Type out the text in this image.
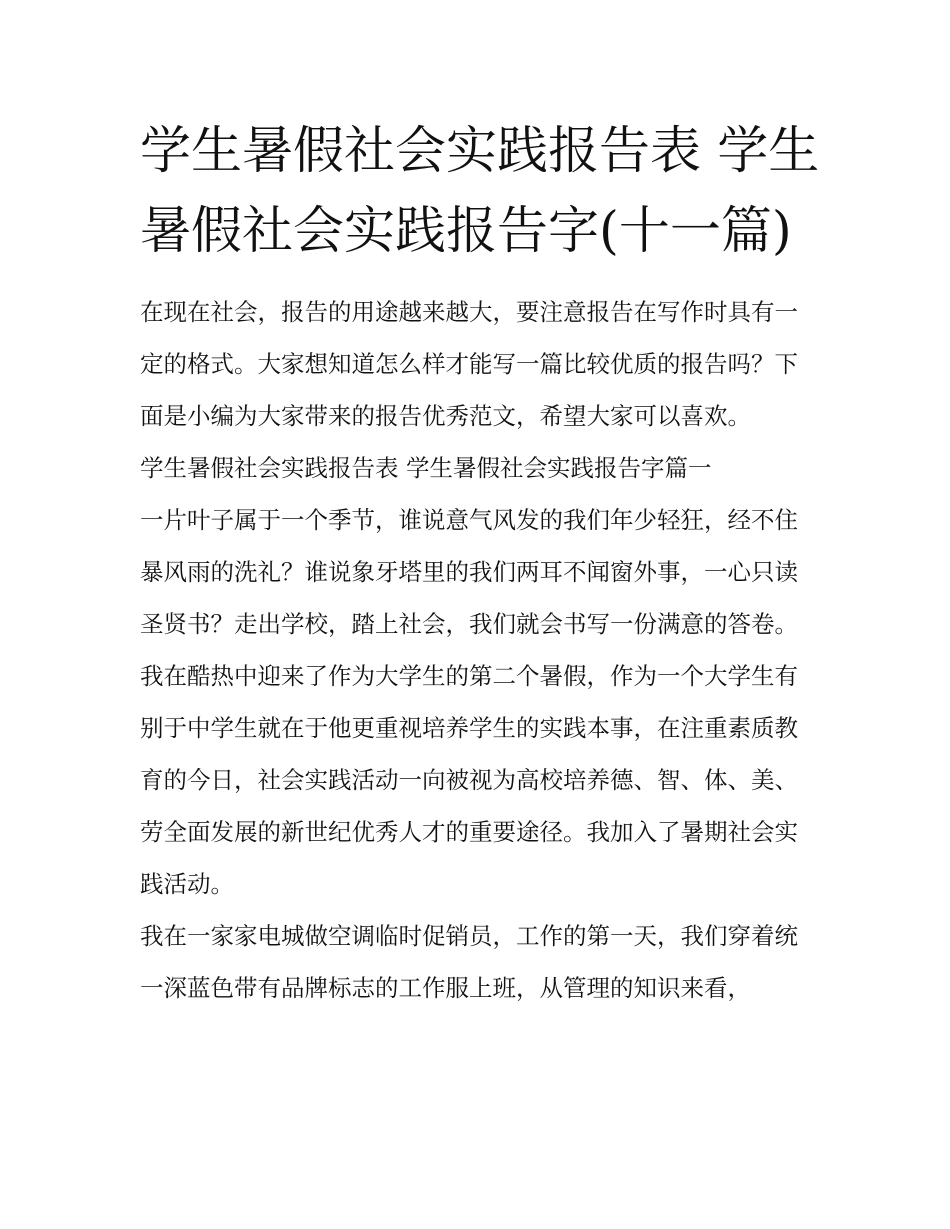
学生暑假社会实践报告表 学生
暑假社会实践报告字(十一篇)

在现在社会，报告的用途越来越大，要注意报告在写作时具有一定的格式。大家想知道怎么样才能写一篇比较优质的报告吗？下面是小编为大家带来的报告优秀范文，希望大家可以喜欢。

学生暑假社会实践报告表 学生暑假社会实践报告字篇一

一片叶子属于一个季节，谁说意气风发的我们年少轻狂，经不住暴风雨的洗礼？谁说象牙塔里的我们两耳不闻窗外事，一心只读圣贤书？走出学校，踏上社会，我们就会书写一份满意的答卷。

我在酷热中迎来了作为大学生的第二个暑假，作为一个大学生有别于中学生就在于他更重视培养学生的实践本事，在注重素质教育的今日，社会实践活动一向被视为高校培养德、智、体、美、劳全面发展的新世纪优秀人才的重要途径。我加入了暑期社会实践活动。

我在一家家电城做空调临时促销员，工作的第一天，我们穿着统一深蓝色带有品牌标志的工作服上班，从管理的知识来看，
